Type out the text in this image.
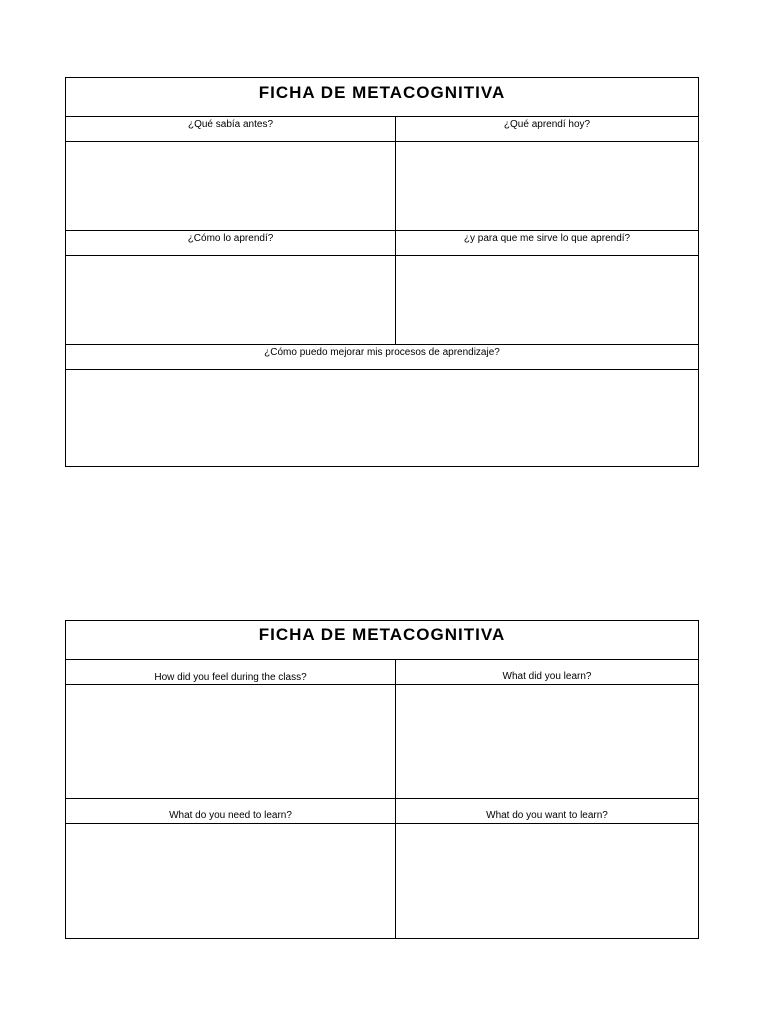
FICHA DE METACOGNITIVA
¿Qué sabía antes?	¿Qué aprendí hoy?
¿Cómo lo aprendí?	¿y para que me sirve lo que aprendí?
¿Cómo puedo mejorar mis procesos de aprendizaje?
FICHA DE METACOGNITIVA
How did you feel during the class?	What did you learn?
What do you need to learn?	What do you want to learn?
